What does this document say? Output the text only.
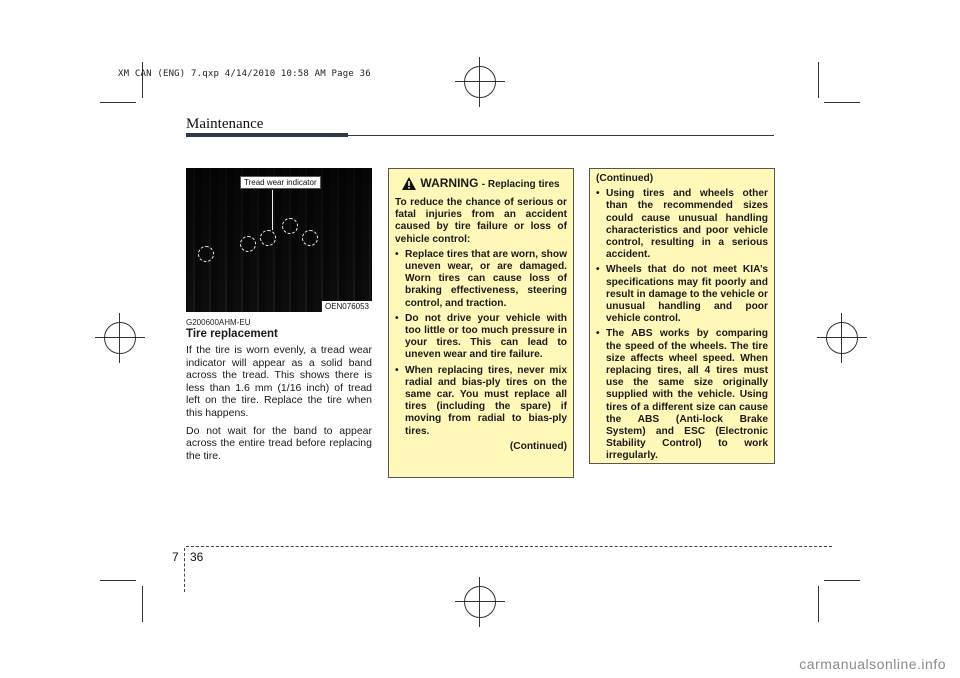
XM CAN (ENG) 7.qxp 4/14/2010 10:58 AM Page 36
Maintenance
Tread wear indicator
OEN076053
G200600AHM-EU
Tire replacement

If the tire is worn evenly, a tread wear indicator will appear as a solid band across the tread. This shows there is less than 1.6 mm (1/16 inch) of tread left on the tire. Replace the tire when this happens.

Do not wait for the band to appear across the entire tread before replacing the tire.

WARNING - Replacing tires

To reduce the chance of serious or fatal injuries from an accident caused by tire failure or loss of vehicle control:

• Replace tires that are worn, show uneven wear, or are damaged. Worn tires can cause loss of braking effectiveness, steering control, and traction.
• Do not drive your vehicle with too little or too much pressure in your tires. This can lead to uneven wear and tire failure.
• When replacing tires, never mix radial and bias-ply tires on the same car. You must replace all tires (including the spare) if moving from radial to bias-ply tires.
(Continued)

(Continued)

• Using tires and wheels other than the recommended sizes could cause unusual handling characteristics and poor vehicle control, resulting in a serious accident.
• Wheels that do not meet KIA’s specifications may fit poorly and result in damage to the vehicle or unusual handling and poor vehicle control.
• The ABS works by comparing the speed of the wheels. The tire size affects wheel speed. When replacing tires, all 4 tires must use the same size originally supplied with the vehicle. Using tires of a different size can cause the ABS (Anti-lock Brake System) and ESC (Electronic Stability Control) to work irregularly.
7 36
carmanualsonline.info
